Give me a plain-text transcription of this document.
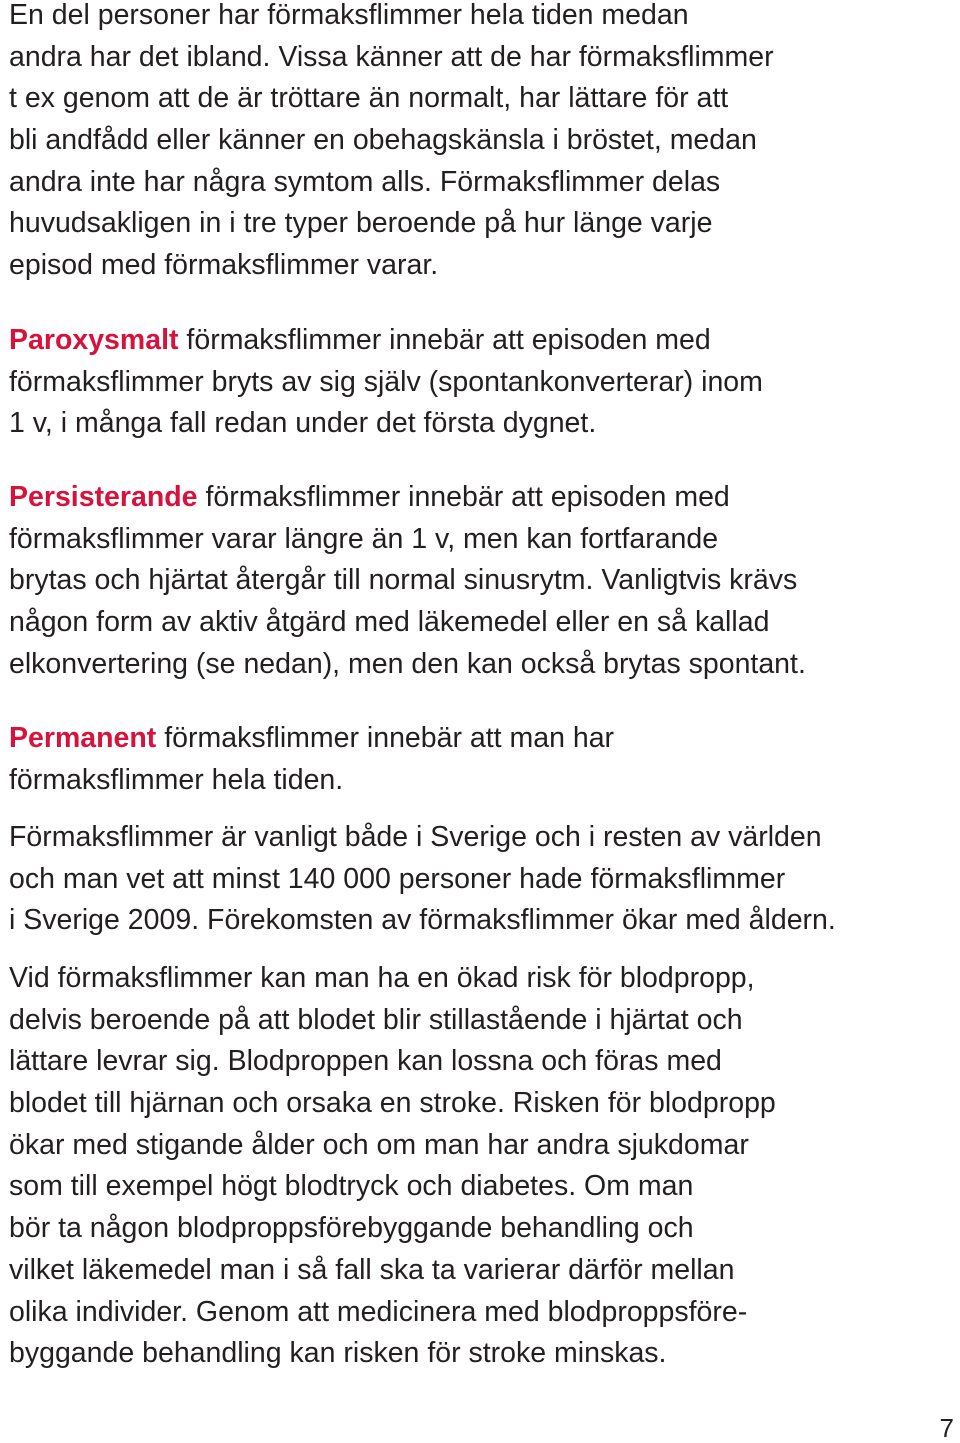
En del personer har förmaksflimmer hela tiden medan
andra har det ibland. Vissa känner att de har förmaksflimmer
t ex genom att de är tröttare än normalt, har lättare för att
bli andfådd eller känner en obehagskänsla i bröstet, medan
andra inte har några symtom alls. Förmaksflimmer delas
huvudsakligen in i tre typer beroende på hur länge varje
episod med förmaksflimmer varar.

Paroxysmalt förmaksflimmer innebär att episoden med
förmaksflimmer bryts av sig själv (spontankonverterar) inom
1 v, i många fall redan under det första dygnet.

Persisterande förmaksflimmer innebär att episoden med
förmaksflimmer varar längre än 1 v, men kan fortfarande
brytas och hjärtat återgår till normal sinusrytm. Vanligtvis krävs
någon form av aktiv åtgärd med läkemedel eller en så kallad
elkonvertering (se nedan), men den kan också brytas spontant.

Permanent förmaksflimmer innebär att man har
förmaksflimmer hela tiden.

Förmaksflimmer är vanligt både i Sverige och i resten av världen
och man vet att minst 140 000 personer hade förmaksflimmer
i Sverige 2009. Förekomsten av förmaksflimmer ökar med åldern.

Vid förmaksflimmer kan man ha en ökad risk för blodpropp,
delvis beroende på att blodet blir stillastående i hjärtat och
lättare levrar sig. Blodproppen kan lossna och föras med
blodet till hjärnan och orsaka en stroke. Risken för blodpropp
ökar med stigande ålder och om man har andra sjukdomar
som till exempel högt blodtryck och diabetes. Om man
bör ta någon blodproppsförebyggande behandling och
vilket läkemedel man i så fall ska ta varierar därför mellan
olika individer. Genom att medicinera med blodproppsföre-
byggande behandling kan risken för stroke minskas.

7
